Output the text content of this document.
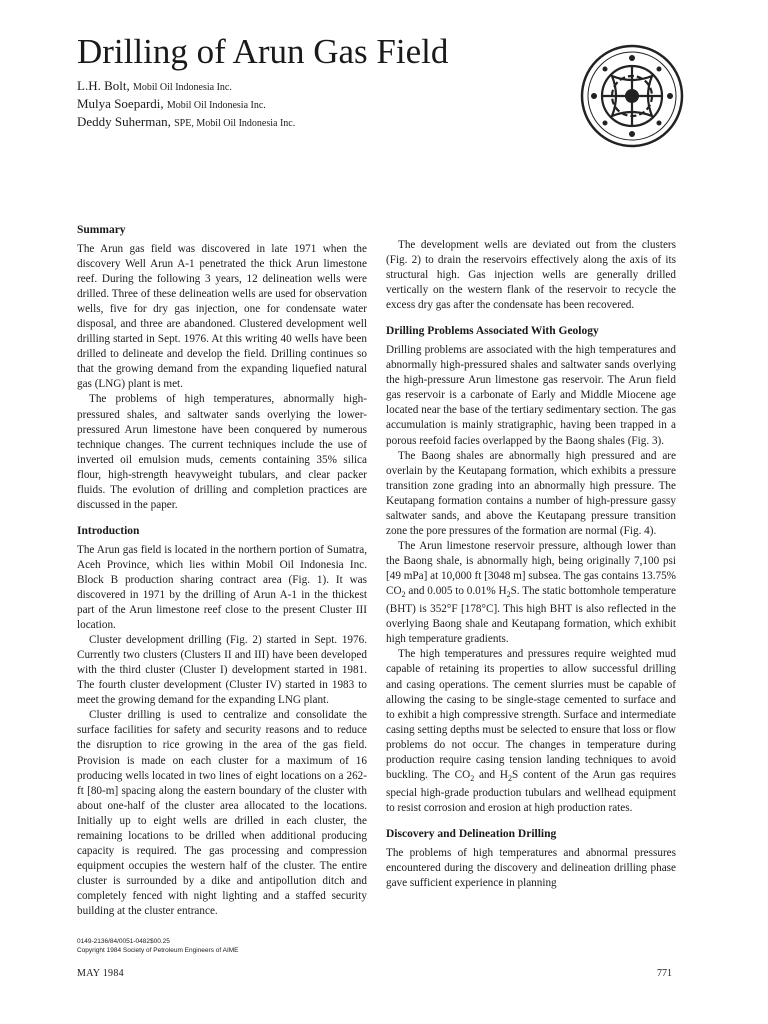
Drilling of Arun Gas Field
L.H. Bolt, Mobil Oil Indonesia Inc.
Mulya Soepardi, Mobil Oil Indonesia Inc.
Deddy Suherman, SPE, Mobil Oil Indonesia Inc.
Summary

The Arun gas field was discovered in late 1971 when the discovery Well Arun A-1 penetrated the thick Arun limestone reef. During the following 3 years, 12 delineation wells were drilled. Three of these delineation wells are used for observation wells, five for dry gas injection, one for condensate water disposal, and three are abandoned. Clustered development well drilling started in Sept. 1976. At this writing 40 wells have been drilled to delineate and develop the field. Drilling continues so that the growing demand from the expanding liquefied natural gas (LNG) plant is met.

The problems of high temperatures, abnormally high-pressured shales, and saltwater sands overlying the lower-pressured Arun limestone have been conquered by numerous technique changes. The current techniques include the use of inverted oil emulsion muds, cements containing 35% silica flour, high-strength heavyweight tubulars, and clear packer fluids. The evolution of drilling and completion practices are discussed in the paper.

Introduction

The Arun gas field is located in the northern portion of Sumatra, Aceh Province, which lies within Mobil Oil Indonesia Inc. Block B production sharing contract area (Fig. 1). It was discovered in 1971 by the drilling of Arun A-1 in the thickest part of the Arun limestone reef close to the present Cluster III location.

Cluster development drilling (Fig. 2) started in Sept. 1976. Currently two clusters (Clusters II and III) have been developed with the third cluster (Cluster I) development started in 1981. The fourth cluster development (Cluster IV) started in 1983 to meet the growing demand for the expanding LNG plant.

Cluster drilling is used to centralize and consolidate the surface facilities for safety and security reasons and to reduce the disruption to rice growing in the area of the gas field. Provision is made on each cluster for a maximum of 16 producing wells located in two lines of eight locations on a 262-ft [80-m] spacing along the eastern boundary of the cluster with about one-half of the cluster area allocated to the locations. Initially up to eight wells are drilled in each cluster, the remaining locations to be drilled when additional producing capacity is required. The gas processing and compression equipment occupies the western half of the cluster. The entire cluster is surrounded by a dike and antipollution ditch and completely fenced with night lighting and a staffed security building at the cluster entrance.

The development wells are deviated out from the clusters (Fig. 2) to drain the reservoirs effectively along the axis of its structural high. Gas injection wells are generally drilled vertically on the western flank of the reservoir to recycle the excess dry gas after the condensate has been recovered.

Drilling Problems Associated With Geology

Drilling problems are associated with the high temperatures and abnormally high-pressured shales and saltwater sands overlying the high-pressure Arun limestone gas reservoir. The Arun field gas reservoir is a carbonate of Early and Middle Miocene age located near the base of the tertiary sedimentary section. The gas accumulation is mainly stratigraphic, having been trapped in a porous reefoid facies overlapped by the Baong shales (Fig. 3).

The Baong shales are abnormally high pressured and are overlain by the Keutapang formation, which exhibits a pressure transition zone grading into an abnormally high pressure. The Keutapang formation contains a number of high-pressure gassy saltwater sands, and above the Keutapang pressure transition zone the pore pressures of the formation are normal (Fig. 4).

The Arun limestone reservoir pressure, although lower than the Baong shale, is abnormally high, being originally 7,100 psi [49 mPa] at 10,000 ft [3048 m] subsea. The gas contains 13.75% $CO_2$ and 0.005 to 0.01% $H_2S$. The static bottomhole temperature (BHT) is 352°F [178°C]. This high BHT is also reflected in the overlying Baong shale and Keutapang formation, which exhibit high temperature gradients.

The high temperatures and pressures require weighted mud capable of retaining its properties to allow successful drilling and casing operations. The cement slurries must be capable of allowing the casing to be single-stage cemented to surface and to exhibit a high compressive strength. Surface and intermediate casing setting depths must be selected to ensure that loss or flow problems do not occur. The changes in temperature during production require casing tension landing techniques to avoid buckling. The $CO_2$ and $H_2S$ content of the Arun gas requires special high-grade production tubulars and wellhead equipment to resist corrosion and erosion at high production rates.

Discovery and Delineation Drilling

The problems of high temperatures and abnormal pressures encountered during the discovery and delineation drilling phase gave sufficient experience in planning

0149-2136/84/0051-0482$00.25
Copyright 1984 Society of Petroleum Engineers of AIME
MAY 1984	771
